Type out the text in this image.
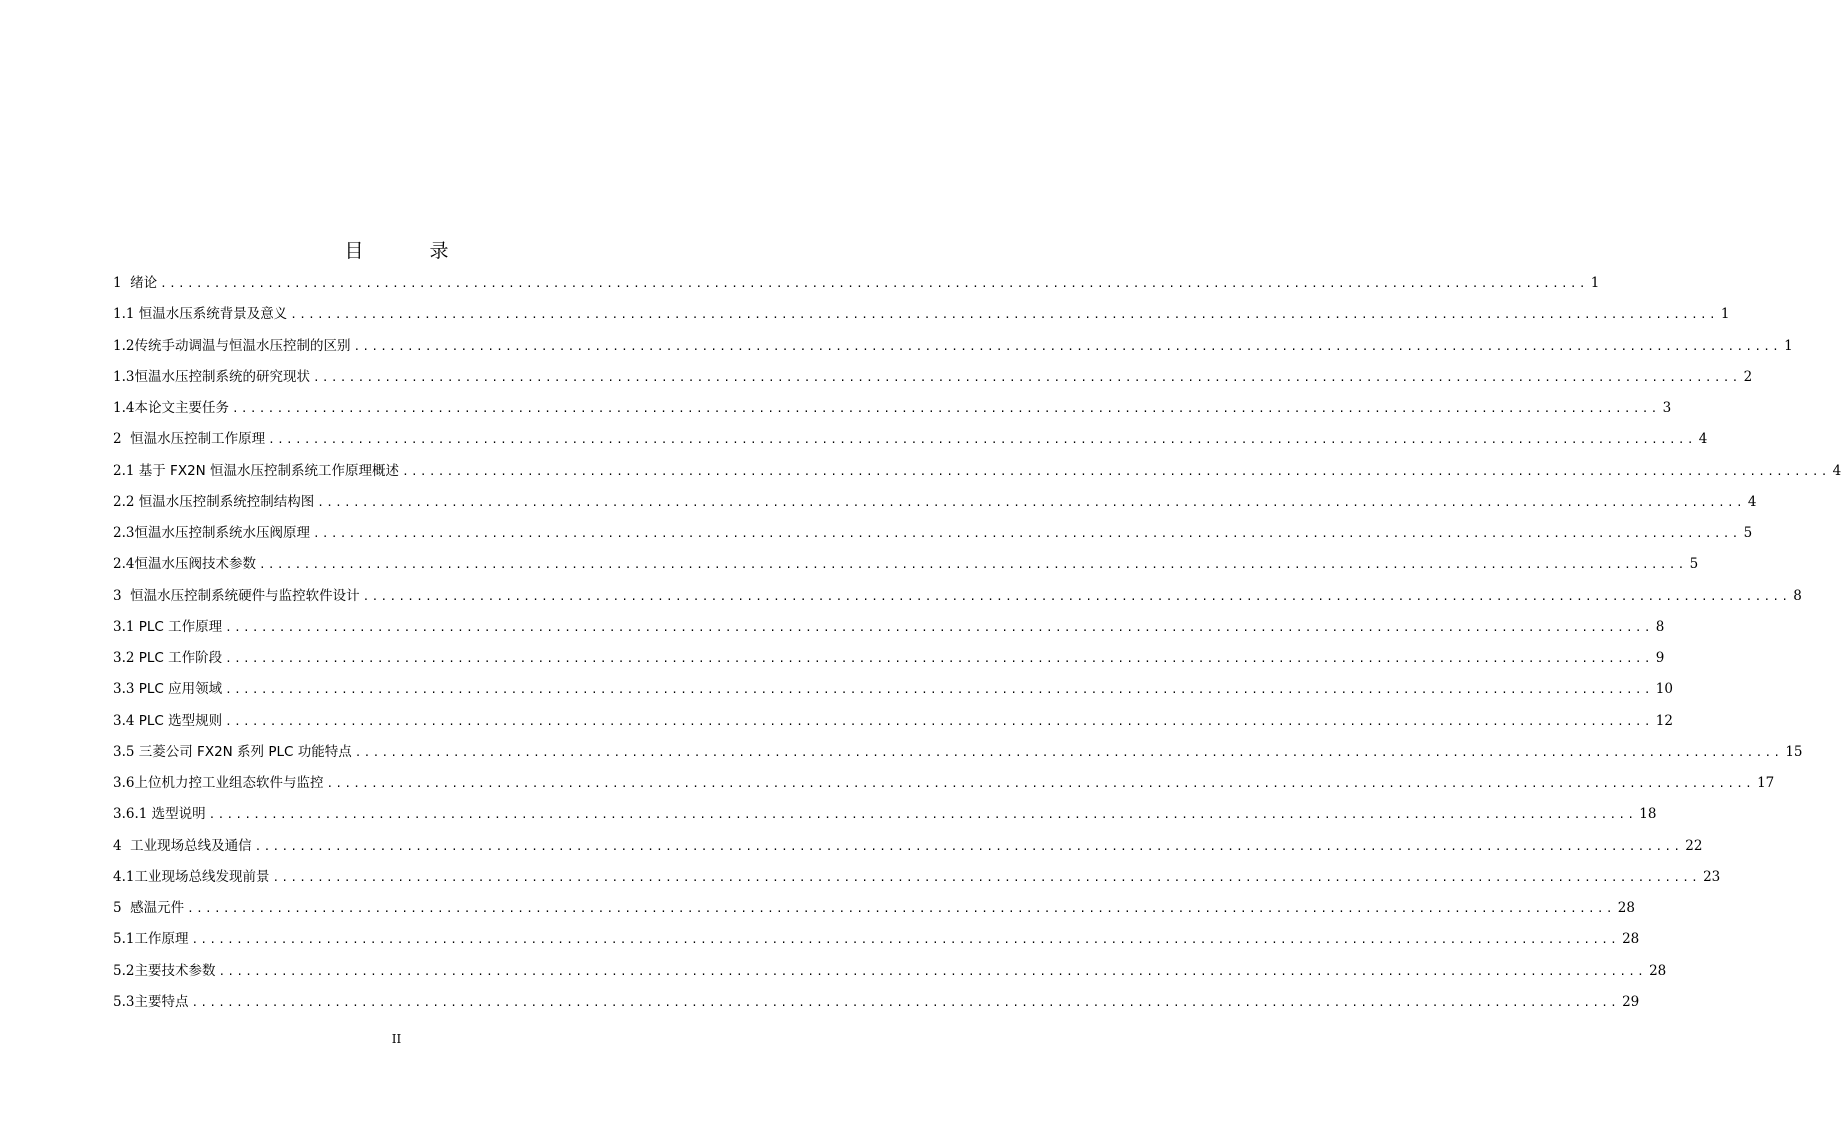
目 录
1 绪论 ................................................................................................................................................................ 1
1.1 恒温水压系统背景及意义 ................................................................................................................................................................ 1
1.2 传统手动调温与恒温水压控制的区别 ................................................................................................................................................................ 1
1.3 恒温水压控制系统的研究现状 ................................................................................................................................................................ 2
1.4 本论文主要任务 ................................................................................................................................................................ 3
2 恒温水压控制工作原理 ................................................................................................................................................................ 4
2.1 基于 FX2N 恒温水压控制系统工作原理概述 ................................................................................................................................................................ 4
2.2 恒温水压控制系统控制结构图 ................................................................................................................................................................ 4
2.3 恒温水压控制系统水压阀原理 ................................................................................................................................................................ 5
2.4 恒温水压阀技术参数 ................................................................................................................................................................ 5
3 恒温水压控制系统硬件与监控软件设计 ................................................................................................................................................................ 8
3.1 PLC 工作原理 ................................................................................................................................................................ 8
3.2 PLC 工作阶段 ................................................................................................................................................................ 9
3.3 PLC 应用领域 ................................................................................................................................................................ 10
3.4 PLC 选型规则 ................................................................................................................................................................ 12
3.5 三菱公司 FX2N 系列 PLC 功能特点 ................................................................................................................................................................ 15
3.6 上位机力控工业组态软件与监控 ................................................................................................................................................................ 17
3.6.1 选型说明 ................................................................................................................................................................ 18
4 工业现场总线及通信 ................................................................................................................................................................ 22
4.1 工业现场总线发现前景 ................................................................................................................................................................ 23
5 感温元件 ................................................................................................................................................................ 28
5.1 工作原理 ................................................................................................................................................................ 28
5.2 主要技术参数 ................................................................................................................................................................ 28
5.3 主要特点 ................................................................................................................................................................ 29
II
